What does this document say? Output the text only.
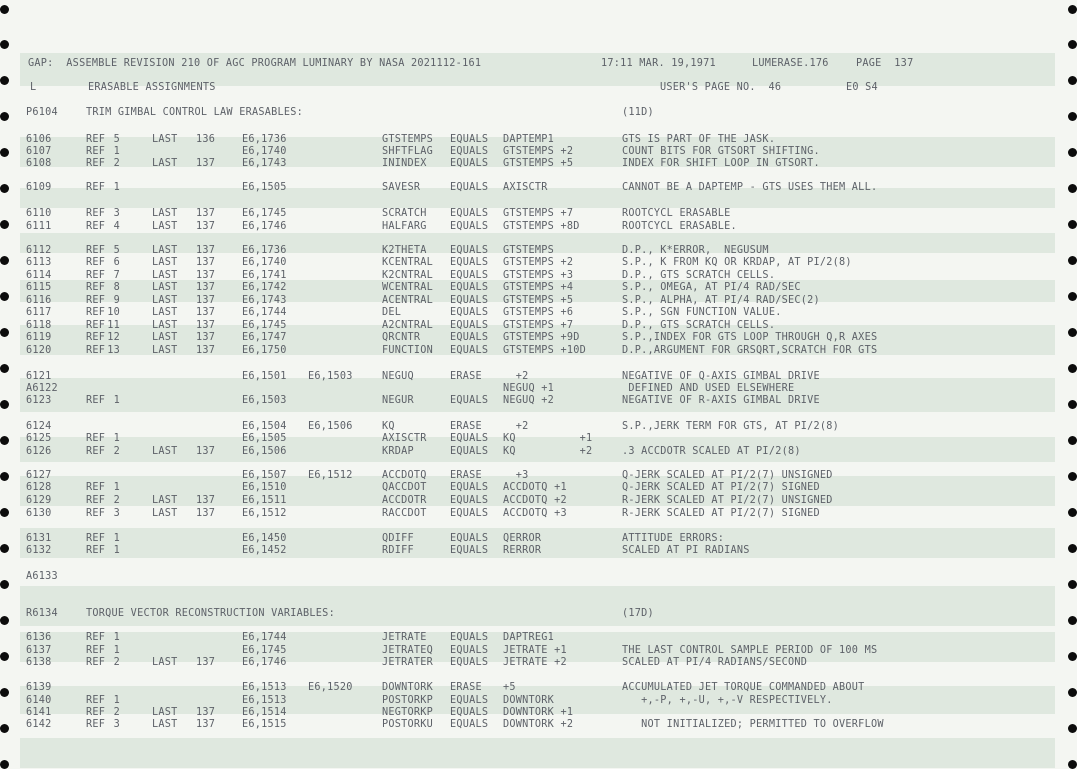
GAP:  ASSEMBLE REVISION 210 OF AGC PROGRAM LUMINARY BY NASA 2021112-161

	17:11 MAR. 19,1971

	LUMERASE.176

	PAGE  137

L

	ERASABLE ASSIGNMENTS

	USER'S PAGE NO.  46

	E0 S4

P6104	TRIM GIMBAL CONTROL LAW ERASABLES:	(11D)
6106	REF 5	LAST 136	E6,1736	GTSTEMPS EQUALS DAPTEMP1	GTS IS PART OF THE JASK.
6107	REF 1	E6,1740	SHFTFLAG EQUALS GTSTEMPS +2	COUNT BITS FOR GTSORT SHIFTING.
6108	REF 2	LAST 137	E6,1743	ININDEX EQUALS GTSTEMPS +5	INDEX FOR SHIFT LOOP IN GTSORT.
6109	REF 1	E6,1505	SAVESR	EQUALS AXISCTR	CANNOT BE A DAPTEMP - GTS USES THEM ALL.
6110	REF 3	LAST 137	E6,1745	SCRATCH EQUALS GTSTEMPS +7	ROOTCYCL ERASABLE
6111	REF 4	LAST 137	E6,1746	HALFARG EQUALS GTSTEMPS +8D	ROOTCYCL ERASABLE.
6112	REF 5	LAST 137	E6,1736	K2THETA EQUALS GTSTEMPS	D.P., K*ERROR,  NEGUSUM
6113	REF 6	LAST 137	E6,1740	KCENTRAL EQUALS GTSTEMPS +2	S.P., K FROM KQ OR KRDAP, AT PI/2(8)
6114	REF 7	LAST 137	E6,1741	K2CNTRAL EQUALS GTSTEMPS +3	D.P., GTS SCRATCH CELLS.
6115	REF 8	LAST 137	E6,1742	WCENTRAL EQUALS GTSTEMPS +4	S.P., OMEGA, AT PI/4 RAD/SEC
6116	REF 9	LAST 137	E6,1743	ACENTRAL EQUALS GTSTEMPS +5	S.P., ALPHA, AT PI/4 RAD/SEC(2)
6117	REF 10	LAST 137	E6,1744	DEL	EQUALS GTSTEMPS +6	S.P., SGN FUNCTION VALUE.
6118	REF 11	LAST 137	E6,1745	A2CNTRAL EQUALS GTSTEMPS +7	D.P., GTS SCRATCH CELLS.
6119	REF 12	LAST 137	E6,1747	QRCNTR	EQUALS GTSTEMPS +9D	S.P.,INDEX FOR GTS LOOP THROUGH Q,R AXES
6120	REF 13	LAST 137	E6,1750	FUNCTION EQUALS GTSTEMPS +10D	D.P.,ARGUMENT FOR GRSQRT,SCRATCH FOR GTS
6121	E6,1501 E6,1503	NEGUQ	ERASE +2	NEGATIVE OF Q-AXIS GIMBAL DRIVE
A6122	NEGUQ +1	DEFINED AND USED ELSEWHERE
6123	REF 1	E6,1503	NEGUR	EQUALS NEGUQ +2	NEGATIVE OF R-AXIS GIMBAL DRIVE
6124	E6,1504 E6,1506	KQ	ERASE +2	S.P.,JERK TERM FOR GTS, AT PI/2(8)
6125	REF 1	E6,1505	AXISCTR EQUALS KQ          +1
6126	REF 2	LAST 137	E6,1506	KRDAP	EQUALS KQ          +2	.3 ACCDOTR SCALED AT PI/2(8)
6127	E6,1507 E6,1512	ACCDOTQ ERASE +3	Q-JERK SCALED AT PI/2(7) UNSIGNED
6128	REF 1	E6,1510	QACCDOT EQUALS ACCDOTQ +1	Q-JERK SCALED AT PI/2(7) SIGNED
6129	REF 2	LAST 137	E6,1511	ACCDOTR EQUALS ACCDOTQ +2	R-JERK SCALED AT PI/2(7) UNSIGNED
6130	REF 3	LAST 137	E6,1512	RACCDOT EQUALS ACCDOTQ +3	R-JERK SCALED AT PI/2(7) SIGNED
6131	REF 1	E6,1450	QDIFF	EQUALS QERROR	ATTITUDE ERRORS:
6132	REF 1	E6,1452	RDIFF	EQUALS RERROR	SCALED AT PI RADIANS
A6133
R6134	TORQUE VECTOR RECONSTRUCTION VARIABLES:	(17D)
6136	REF 1	E6,1744	JETRATE EQUALS DAPTREG1
6137	REF 1	E6,1745	JETRATEQ EQUALS JETRATE +1	THE LAST CONTROL SAMPLE PERIOD OF 100 MS
6138	REF 2	LAST 137	E6,1746	JETRATER EQUALS JETRATE +2	SCALED AT PI/4 RADIANS/SECOND
6139	E6,1513 E6,1520	DOWNTORK ERASE +5	ACCUMULATED JET TORQUE COMMANDED ABOUT
6140	REF 1	E6,1513	POSTORKP EQUALS DOWNTORK	+,-P, +,-U, +,-V RESPECTIVELY.
6141	REF 2	LAST 137	E6,1514	NEGTORKP EQUALS DOWNTORK +1
6142	REF 3	LAST 137	E6,1515	POSTORKU EQUALS DOWNTORK +2	NOT INITIALIZED; PERMITTED TO OVERFLOW
